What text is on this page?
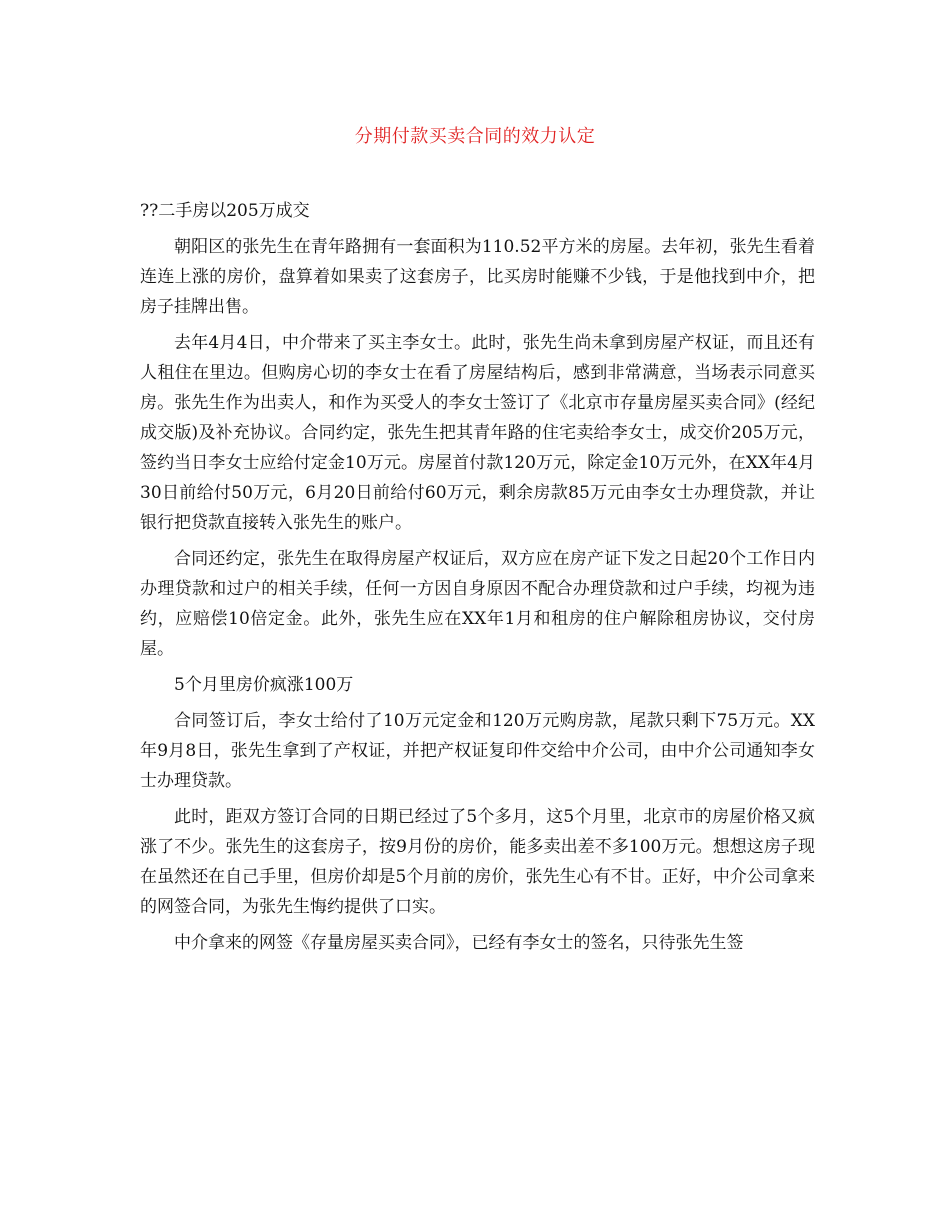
分期付款买卖合同的效力认定

??二手房以205万成交

朝阳区的张先生在青年路拥有一套面积为110.52平方米的房屋。去年初，张先生看着连连上涨的房价，盘算着如果卖了这套房子，比买房时能赚不少钱，于是他找到中介，把房子挂牌出售。

去年4月4日，中介带来了买主李女士。此时，张先生尚未拿到房屋产权证，而且还有人租住在里边。但购房心切的李女士在看了房屋结构后，感到非常满意，当场表示同意买房。张先生作为出卖人，和作为买受人的李女士签订了《北京市存量房屋买卖合同》(经纪成交版)及补充协议。合同约定，张先生把其青年路的住宅卖给李女士，成交价205万元，签约当日李女士应给付定金10万元。房屋首付款120万元，除定金10万元外，在XX年4月30日前给付50万元，6月20日前给付60万元，剩余房款85万元由李女士办理贷款，并让银行把贷款直接转入张先生的账户。

合同还约定，张先生在取得房屋产权证后，双方应在房产证下发之日起20个工作日内办理贷款和过户的相关手续，任何一方因自身原因不配合办理贷款和过户手续，均视为违约，应赔偿10倍定金。此外，张先生应在XX年1月和租房的住户解除租房协议，交付房屋。

5个月里房价疯涨100万

合同签订后，李女士给付了10万元定金和120万元购房款，尾款只剩下75万元。XX年9月8日，张先生拿到了产权证，并把产权证复印件交给中介公司，由中介公司通知李女士办理贷款。

此时，距双方签订合同的日期已经过了5个多月，这5个月里，北京市的房屋价格又疯涨了不少。张先生的这套房子，按9月份的房价，能多卖出差不多100万元。想想这房子现在虽然还在自己手里，但房价却是5个月前的房价，张先生心有不甘。正好，中介公司拿来的网签合同，为张先生悔约提供了口实。

中介拿来的网签《存量房屋买卖合同》，已经有李女士的签名，只待张先生签
